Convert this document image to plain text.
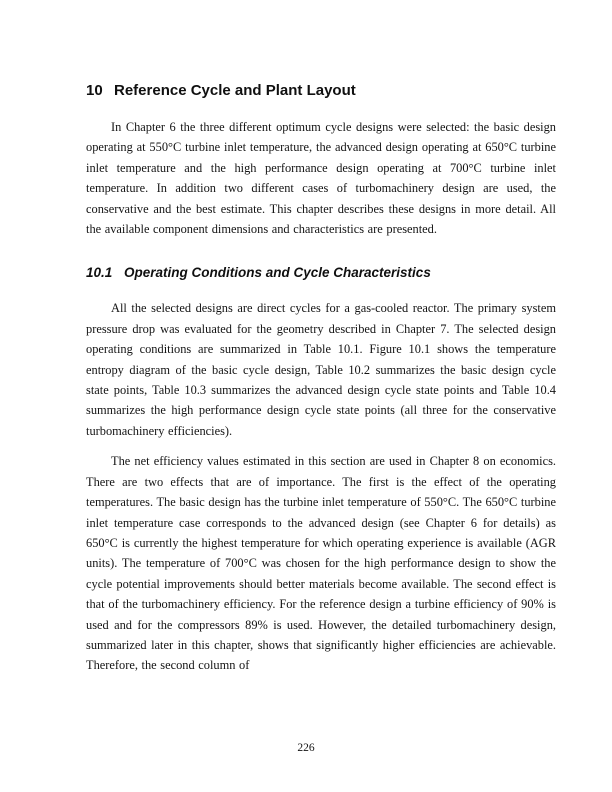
10 Reference Cycle and Plant Layout

In Chapter 6 the three different optimum cycle designs were selected: the basic design operating at 550°C turbine inlet temperature, the advanced design operating at 650°C turbine inlet temperature and the high performance design operating at 700°C turbine inlet temperature. In addition two different cases of turbomachinery design are used, the conservative and the best estimate. This chapter describes these designs in more detail. All the available component dimensions and characteristics are presented.

10.1 Operating Conditions and Cycle Characteristics

All the selected designs are direct cycles for a gas-cooled reactor. The primary system pressure drop was evaluated for the geometry described in Chapter 7. The selected design operating conditions are summarized in Table 10.1. Figure 10.1 shows the temperature entropy diagram of the basic cycle design, Table 10.2 summarizes the basic design cycle state points, Table 10.3 summarizes the advanced design cycle state points and Table 10.4 summarizes the high performance design cycle state points (all three for the conservative turbomachinery efficiencies).

The net efficiency values estimated in this section are used in Chapter 8 on economics. There are two effects that are of importance. The first is the effect of the operating temperatures. The basic design has the turbine inlet temperature of 550°C. The 650°C turbine inlet temperature case corresponds to the advanced design (see Chapter 6 for details) as 650°C is currently the highest temperature for which operating experience is available (AGR units). The temperature of 700°C was chosen for the high performance design to show the cycle potential improvements should better materials become available. The second effect is that of the turbomachinery efficiency. For the reference design a turbine efficiency of 90% is used and for the compressors 89% is used. However, the detailed turbomachinery design, summarized later in this chapter, shows that significantly higher efficiencies are achievable. Therefore, the second column of

226
